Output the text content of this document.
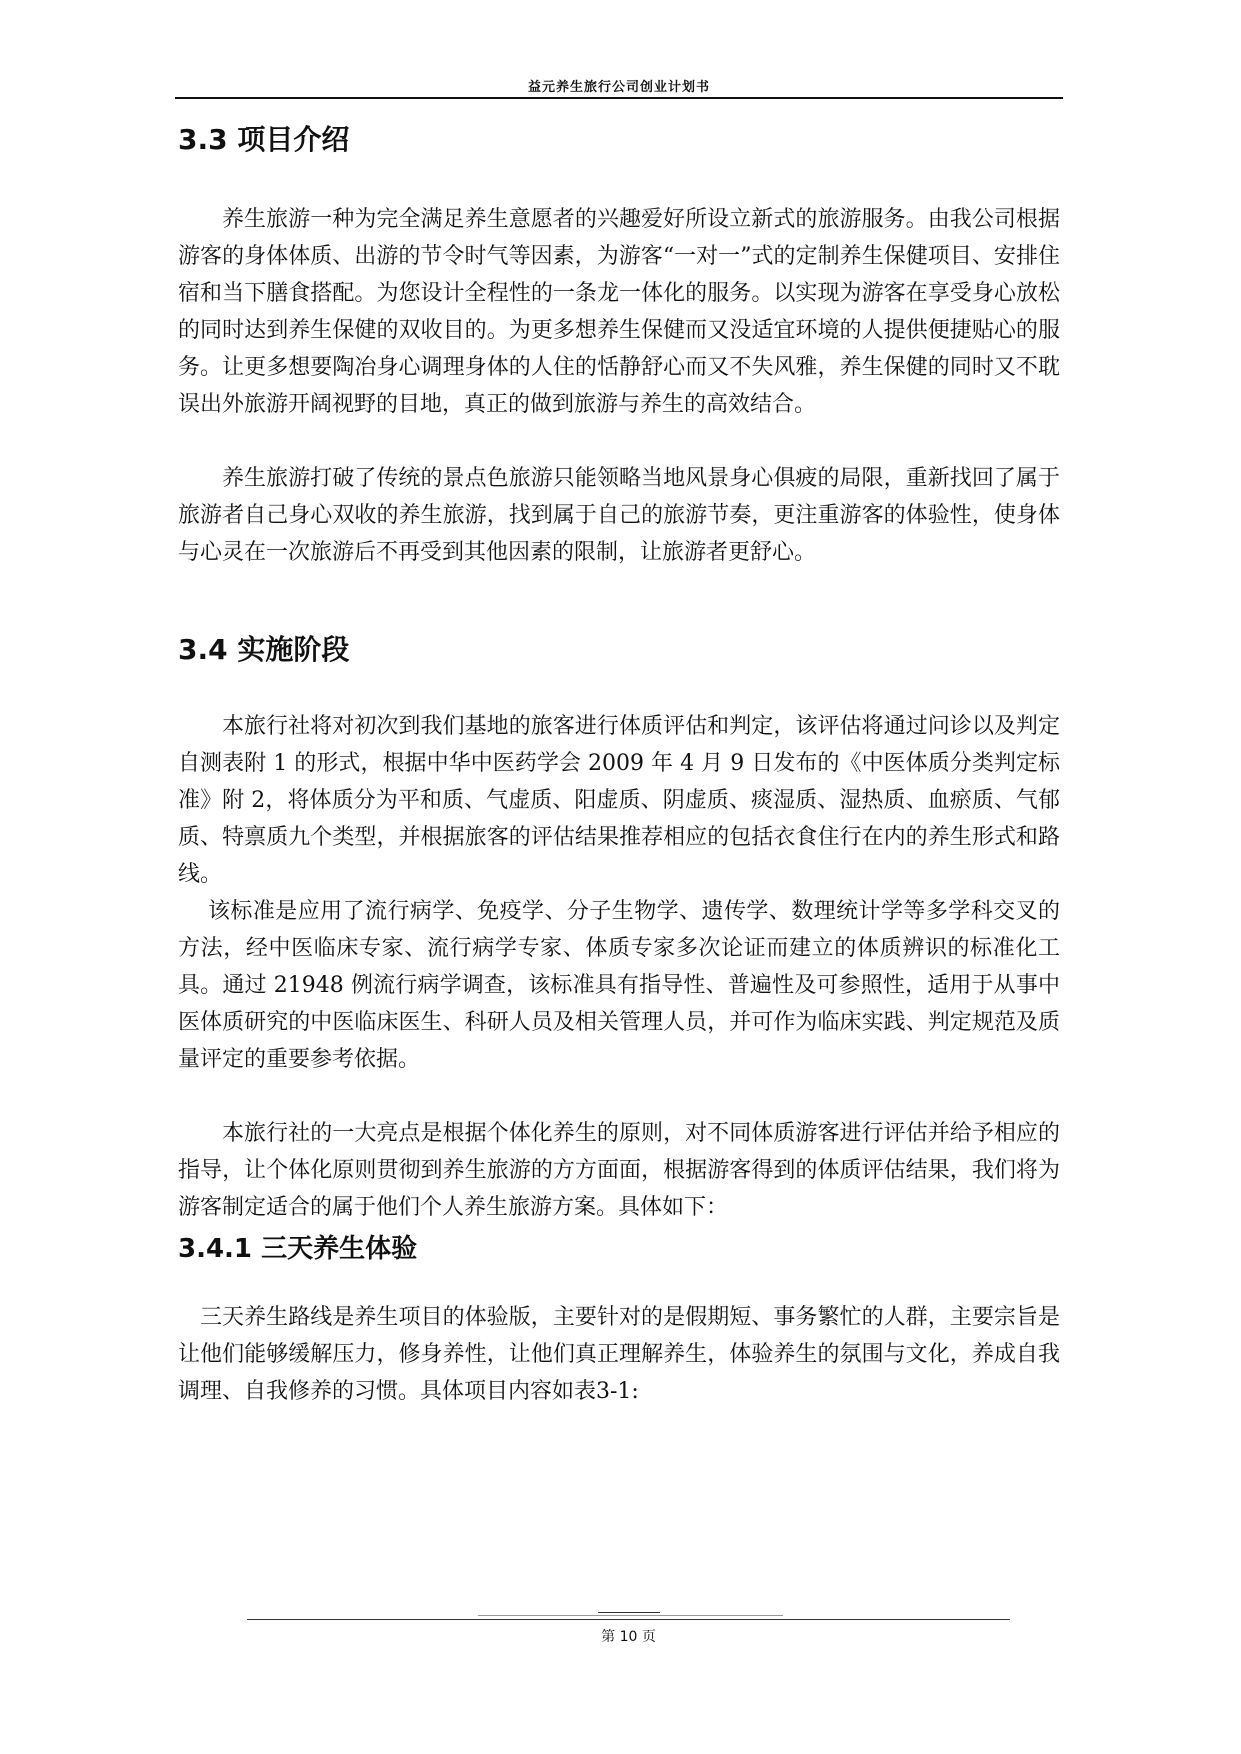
益元养生旅行公司创业计划书
3.3 项目介绍

养生旅游一种为完全满足养生意愿者的兴趣爱好所设立新式的旅游服务。由我公司根据游客的身体体质、出游的节令时气等因素，为游客“一对一”式的定制养生保健项目、安排住宿和当下膳食搭配。为您设计全程性的一条龙一体化的服务。以实现为游客在享受身心放松的同时达到养生保健的双收目的。为更多想养生保健而又没适宜环境的人提供便捷贴心的服务。让更多想要陶冶身心调理身体的人住的恬静舒心而又不失风雅，养生保健的同时又不耽误出外旅游开阔视野的目地，真正的做到旅游与养生的高效结合。

养生旅游打破了传统的景点色旅游只能领略当地风景身心俱疲的局限，重新找回了属于旅游者自己身心双收的养生旅游，找到属于自己的旅游节奏，更注重游客的体验性，使身体与心灵在一次旅游后不再受到其他因素的限制，让旅游者更舒心。

3.4 实施阶段

本旅行社将对初次到我们基地的旅客进行体质评估和判定，该评估将通过问诊以及判定自测表附 1 的形式，根据中华中医药学会 2009 年 4 月 9 日发布的《中医体质分类判定标准》附 2，将体质分为平和质、气虚质、阳虚质、阴虚质、痰湿质、湿热质、血瘀质、气郁质、特禀质九个类型，并根据旅客的评估结果推荐相应的包括衣食住行在内的养生形式和路线。

该标准是应用了流行病学、免疫学、分子生物学、遗传学、数理统计学等多学科交叉的方法，经中医临床专家、流行病学专家、体质专家多次论证而建立的体质辨识的标准化工具。通过 21948 例流行病学调查，该标准具有指导性、普遍性及可参照性，适用于从事中医体质研究的中医临床医生、科研人员及相关管理人员，并可作为临床实践、判定规范及质量评定的重要参考依据。

本旅行社的一大亮点是根据个体化养生的原则，对不同体质游客进行评估并给予相应的指导，让个体化原则贯彻到养生旅游的方方面面，根据游客得到的体质评估结果，我们将为游客制定适合的属于他们个人养生旅游方案。具体如下：

3.4.1 三天养生体验

三天养生路线是养生项目的体验版，主要针对的是假期短、事务繁忙的人群，主要宗旨是让他们能够缓解压力，修身养性，让他们真正理解养生，体验养生的氛围与文化，养成自我调理、自我修养的习惯。具体项目内容如表3-1:

第 10 页
